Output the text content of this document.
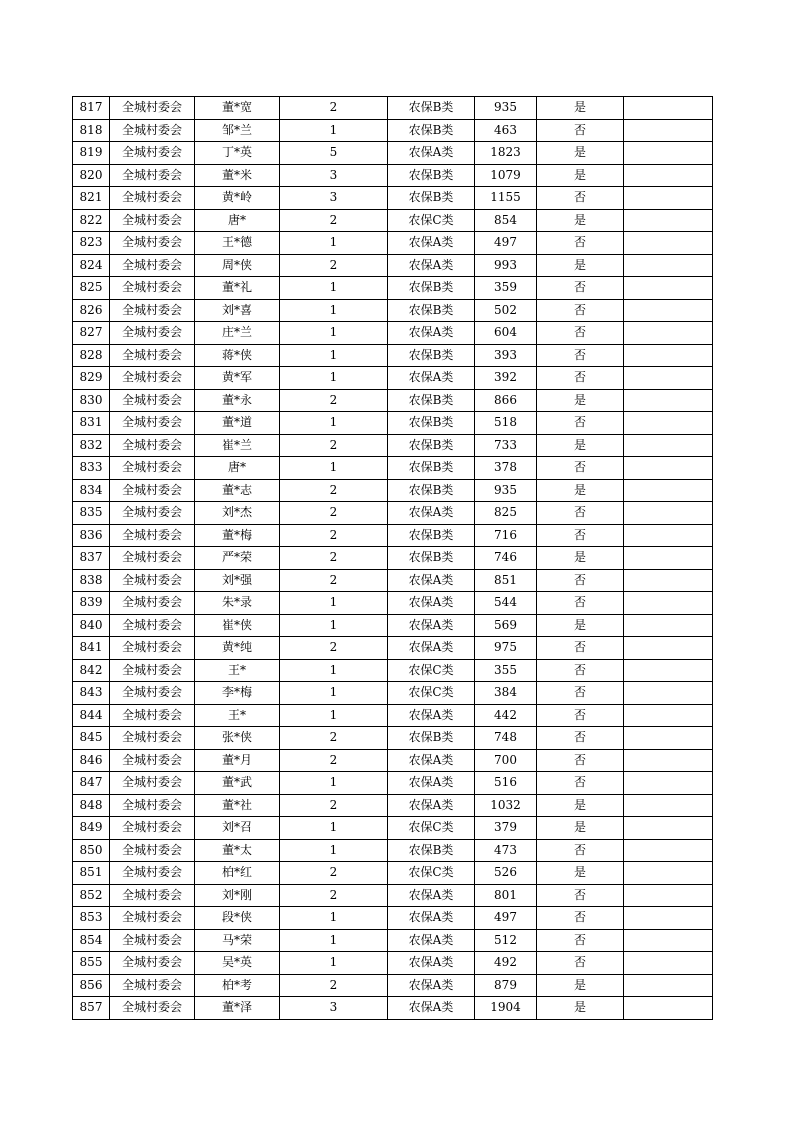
817	全城村委会	董*宽	2	农保B类	935	是	
818	全城村委会	邹*兰	1	农保B类	463	否	
819	全城村委会	丁*英	5	农保A类	1823	是	
820	全城村委会	董*米	3	农保B类	1079	是	
821	全城村委会	黄*岭	3	农保B类	1155	否	
822	全城村委会	唐*	2	农保C类	854	是	
823	全城村委会	王*德	1	农保A类	497	否	
824	全城村委会	周*侠	2	农保A类	993	是	
825	全城村委会	董*礼	1	农保B类	359	否	
826	全城村委会	刘*喜	1	农保B类	502	否	
827	全城村委会	庄*兰	1	农保A类	604	否	
828	全城村委会	蒋*侠	1	农保B类	393	否	
829	全城村委会	黄*军	1	农保A类	392	否	
830	全城村委会	董*永	2	农保B类	866	是	
831	全城村委会	董*道	1	农保B类	518	否	
832	全城村委会	崔*兰	2	农保B类	733	是	
833	全城村委会	唐*	1	农保B类	378	否	
834	全城村委会	董*志	2	农保B类	935	是	
835	全城村委会	刘*杰	2	农保A类	825	否	
836	全城村委会	董*梅	2	农保B类	716	否	
837	全城村委会	严*荣	2	农保B类	746	是	
838	全城村委会	刘*强	2	农保A类	851	否	
839	全城村委会	朱*录	1	农保A类	544	否	
840	全城村委会	崔*侠	1	农保A类	569	是	
841	全城村委会	黄*纯	2	农保A类	975	否	
842	全城村委会	王*	1	农保C类	355	否	
843	全城村委会	李*梅	1	农保C类	384	否	
844	全城村委会	王*	1	农保A类	442	否	
845	全城村委会	张*侠	2	农保B类	748	否	
846	全城村委会	董*月	2	农保A类	700	否	
847	全城村委会	董*武	1	农保A类	516	否	
848	全城村委会	董*社	2	农保A类	1032	是	
849	全城村委会	刘*召	1	农保C类	379	是	
850	全城村委会	董*太	1	农保B类	473	否	
851	全城村委会	柏*红	2	农保C类	526	是	
852	全城村委会	刘*刚	2	农保A类	801	否	
853	全城村委会	段*侠	1	农保A类	497	否	
854	全城村委会	马*荣	1	农保A类	512	否	
855	全城村委会	吴*英	1	农保A类	492	否	
856	全城村委会	柏*考	2	农保A类	879	是	
857	全城村委会	董*泽	3	农保A类	1904	是	
